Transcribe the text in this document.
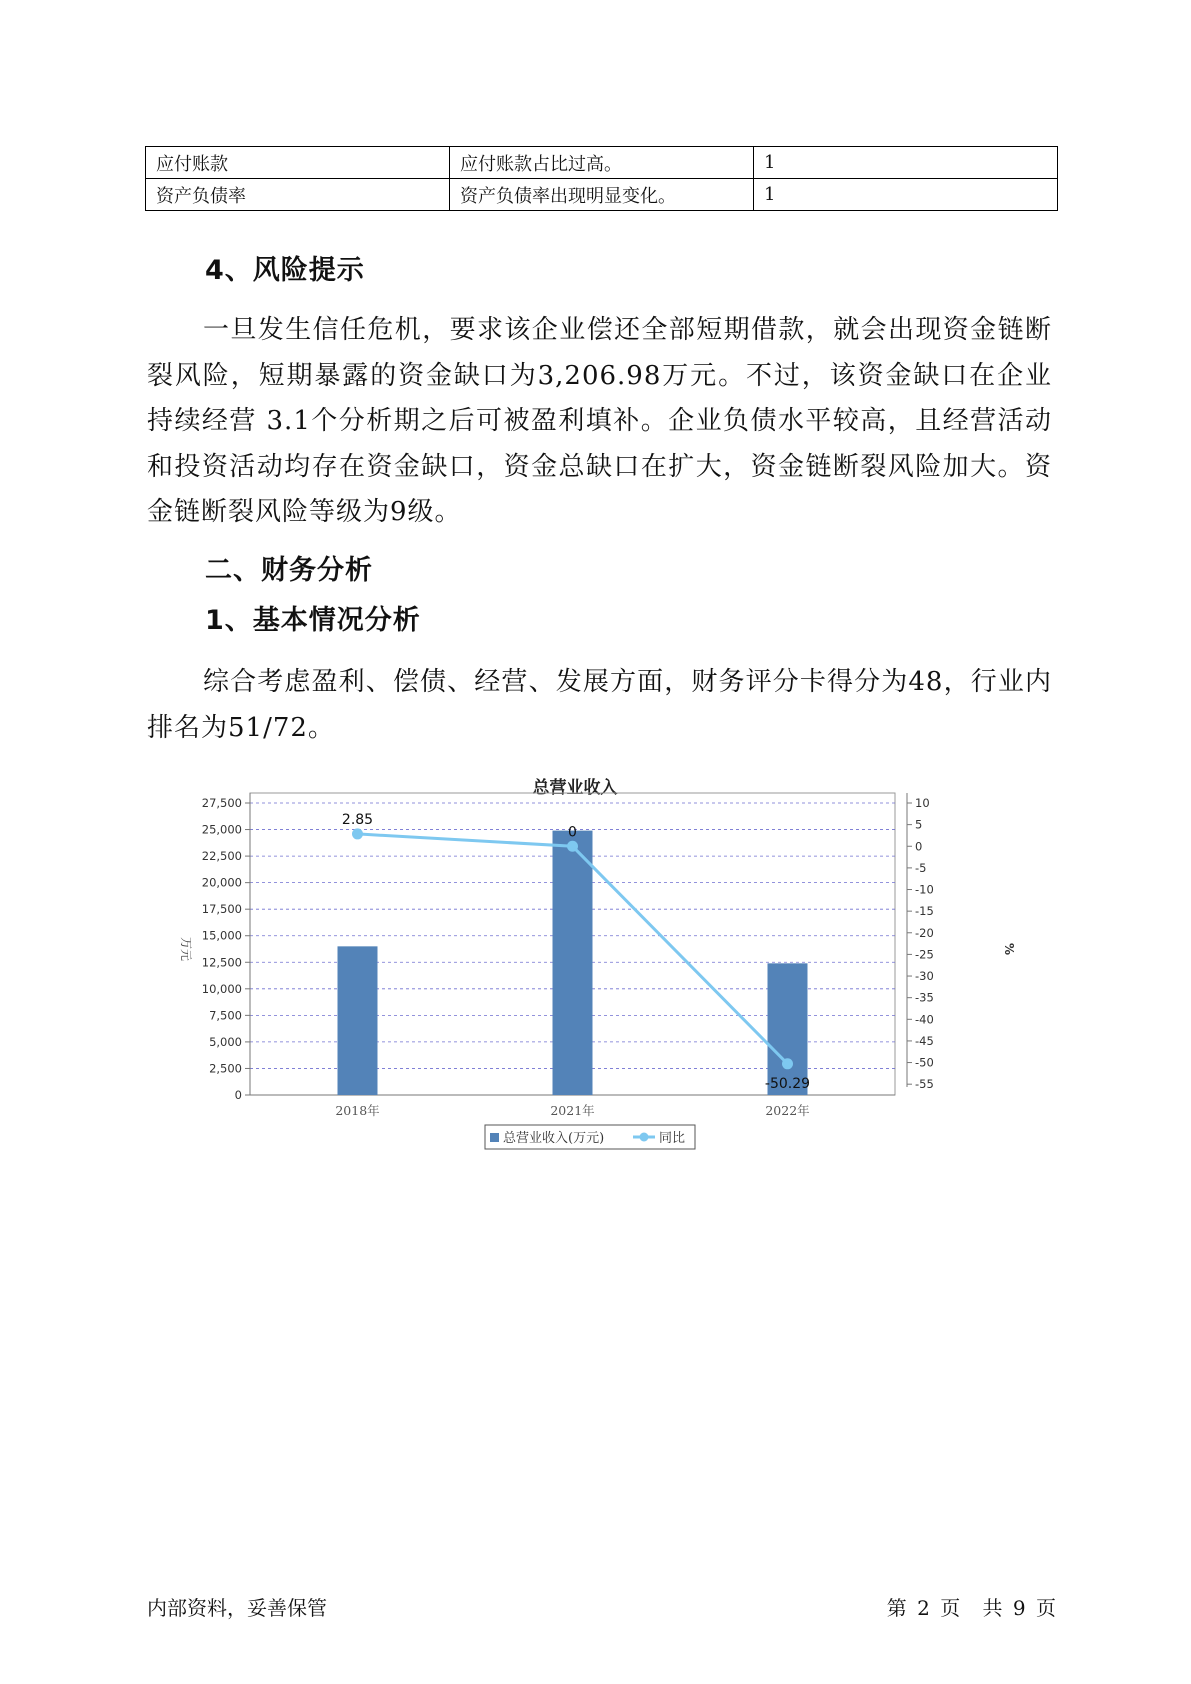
应付账款	应付账款占比过高。	1
资产负债率	资产负债率出现明显变化。	1
4、风险提示

一旦发生信任危机，要求该企业偿还全部短期借款，就会出现资金链断裂风险，短期暴露的资金缺口为3,206.98万元。不过，该资金缺口在企业持续经营 3.1个分析期之后可被盈利填补。企业负债水平较高，且经营活动和投资活动均存在资金缺口，资金总缺口在扩大，资金链断裂风险加大。资金链断裂风险等级为9级。

二、财务分析
1、基本情况分析

综合考虑盈利、偿债、经营、发展方面，财务评分卡得分为48，行业内排名为51/72。

总营业收入
0
2,500
5,000
7,500
10,000
12,500
15,000
17,500
20,000
22,500
25,000
27,500
万元
10
5
0
-5
-10
-15
-20
-25
-30
-35
-40
-45
-50
-55
%
2018年	2021年	2022年
2.85
0
-50.29
总营业收入(万元)	同比
内部资料，妥善保管	第 2 页 共 9 页
